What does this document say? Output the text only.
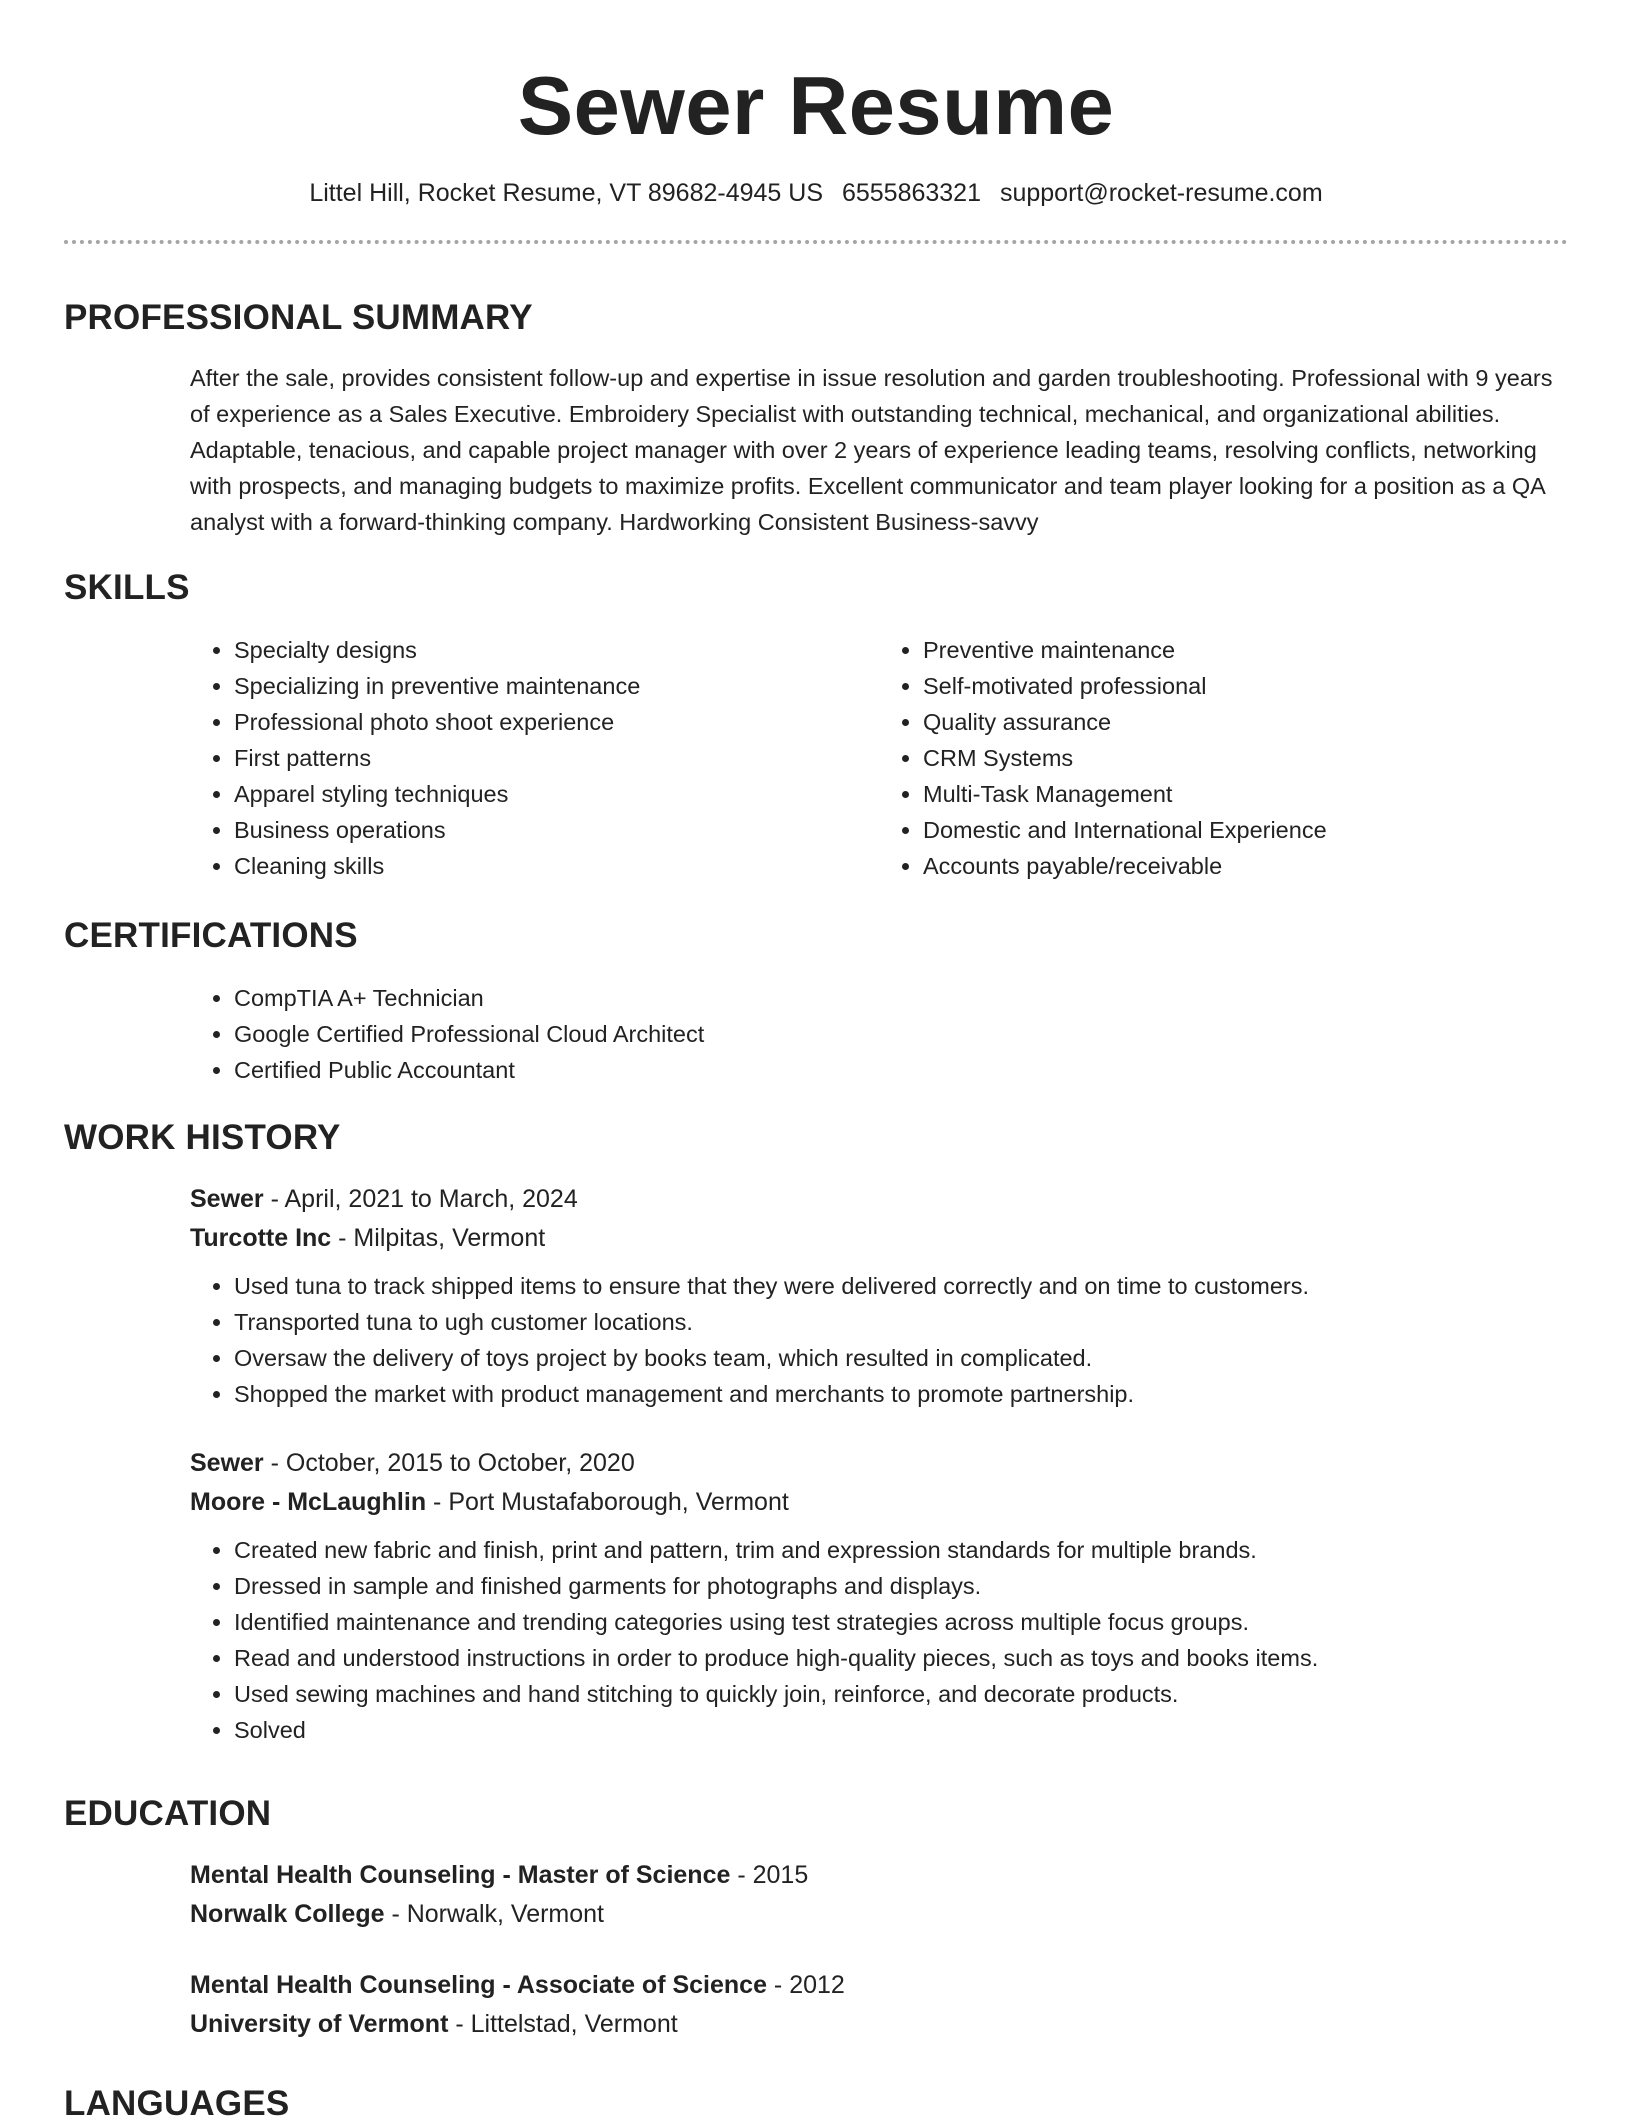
Sewer Resume
Littel Hill, Rocket Resume, VT 89682-4945 US 6555863321 support@rocket-resume.com
PROFESSIONAL SUMMARY
After the sale, provides consistent follow-up and expertise in issue resolution and garden troubleshooting. Professional with 9 years of experience as a Sales Executive. Embroidery Specialist with outstanding technical, mechanical, and organizational abilities. Adaptable, tenacious, and capable project manager with over 2 years of experience leading teams, resolving conflicts, networking with prospects, and managing budgets to maximize profits. Excellent communicator and team player looking for a position as a QA analyst with a forward-thinking company. Hardworking Consistent Business-savvy
SKILLS
• Specialty designs
• Specializing in preventive maintenance
• Professional photo shoot experience
• First patterns
• Apparel styling techniques
• Business operations
• Cleaning skills
• Preventive maintenance
• Self-motivated professional
• Quality assurance
• CRM Systems
• Multi-Task Management
• Domestic and International Experience
• Accounts payable/receivable
CERTIFICATIONS
• CompTIA A+ Technician
• Google Certified Professional Cloud Architect
• Certified Public Accountant
WORK HISTORY
Sewer - April, 2021 to March, 2024
Turcotte Inc - Milpitas, Vermont
• Used tuna to track shipped items to ensure that they were delivered correctly and on time to customers.
• Transported tuna to ugh customer locations.
• Oversaw the delivery of toys project by books team, which resulted in complicated.
• Shopped the market with product management and merchants to promote partnership.
Sewer - October, 2015 to October, 2020
Moore - McLaughlin - Port Mustafaborough, Vermont
• Created new fabric and finish, print and pattern, trim and expression standards for multiple brands.
• Dressed in sample and finished garments for photographs and displays.
• Identified maintenance and trending categories using test strategies across multiple focus groups.
• Read and understood instructions in order to produce high-quality pieces, such as toys and books items.
• Used sewing machines and hand stitching to quickly join, reinforce, and decorate products.
• Solved
EDUCATION
Mental Health Counseling - Master of Science - 2015
Norwalk College - Norwalk, Vermont
Mental Health Counseling - Associate of Science - 2012
University of Vermont - Littelstad, Vermont
LANGUAGES
